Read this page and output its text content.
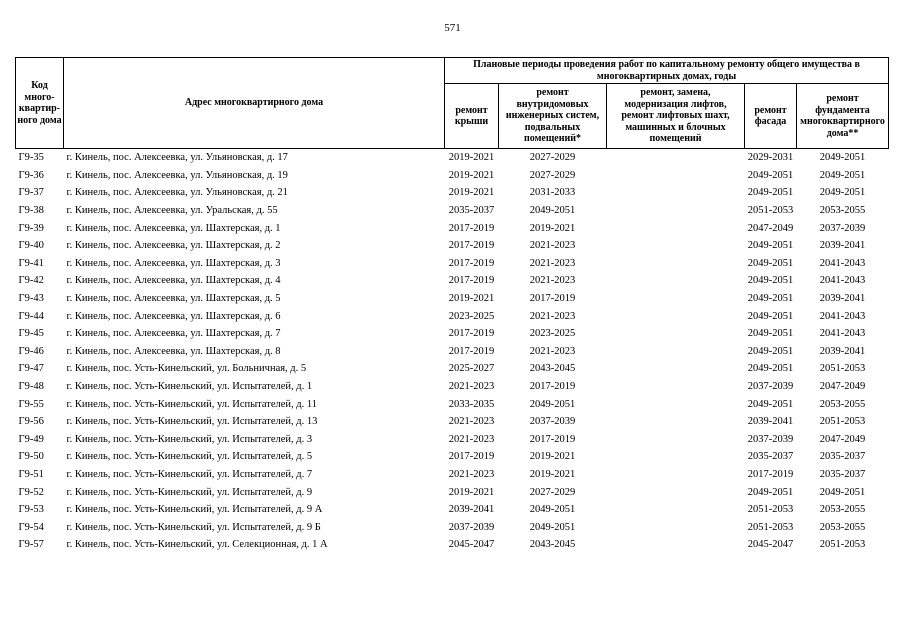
571
Код много-квартир-ного дома	Адрес многоквартирного дома	Плановые периоды проведения работ по капитальному ремонту общего имущества в многоквартирных домах, годы				
		ремонт крыши	ремонт внутридомовых инженерных систем, подвальных помещений*	ремонт, замена, модернизация лифтов, ремонт лифтовых шахт, машинных и блочных помещений	ремонт фасада	ремонт фундамента многоквартирного дома**
Г9-35	г. Кинель, пос. Алексеевка, ул. Ульяновская, д. 17	2019-2021	2027-2029		2029-2031	2049-2051
Г9-36	г. Кинель, пос. Алексеевка, ул. Ульяновская, д. 19	2019-2021	2027-2029		2049-2051	2049-2051
Г9-37	г. Кинель, пос. Алексеевка, ул. Ульяновская, д. 21	2019-2021	2031-2033		2049-2051	2049-2051
Г9-38	г. Кинель, пос. Алексеевка, ул. Уральская, д. 55	2035-2037	2049-2051		2051-2053	2053-2055
Г9-39	г. Кинель, пос. Алексеевка, ул. Шахтерская, д. 1	2017-2019	2019-2021		2047-2049	2037-2039
Г9-40	г. Кинель, пос. Алексеевка, ул. Шахтерская, д. 2	2017-2019	2021-2023		2049-2051	2039-2041
Г9-41	г. Кинель, пос. Алексеевка, ул. Шахтерская, д. 3	2017-2019	2021-2023		2049-2051	2041-2043
Г9-42	г. Кинель, пос. Алексеевка, ул. Шахтерская, д. 4	2017-2019	2021-2023		2049-2051	2041-2043
Г9-43	г. Кинель, пос. Алексеевка, ул. Шахтерская, д. 5	2019-2021	2017-2019		2049-2051	2039-2041
Г9-44	г. Кинель, пос. Алексеевка, ул. Шахтерская, д. 6	2023-2025	2021-2023		2049-2051	2041-2043
Г9-45	г. Кинель, пос. Алексеевка, ул. Шахтерская, д. 7	2017-2019	2023-2025		2049-2051	2041-2043
Г9-46	г. Кинель, пос. Алексеевка, ул. Шахтерская, д. 8	2017-2019	2021-2023		2049-2051	2039-2041
Г9-47	г. Кинель, пос. Усть-Кинельский, ул. Больничная, д. 5	2025-2027	2043-2045		2049-2051	2051-2053
Г9-48	г. Кинель, пос. Усть-Кинельский, ул. Испытателей, д. 1	2021-2023	2017-2019		2037-2039	2047-2049
Г9-55	г. Кинель, пос. Усть-Кинельский, ул. Испытателей, д. 11	2033-2035	2049-2051		2049-2051	2053-2055
Г9-56	г. Кинель, пос. Усть-Кинельский, ул. Испытателей, д. 13	2021-2023	2037-2039		2039-2041	2051-2053
Г9-49	г. Кинель, пос. Усть-Кинельский, ул. Испытателей, д. 3	2021-2023	2017-2019		2037-2039	2047-2049
Г9-50	г. Кинель, пос. Усть-Кинельский, ул. Испытателей, д. 5	2017-2019	2019-2021		2035-2037	2035-2037
Г9-51	г. Кинель, пос. Усть-Кинельский, ул. Испытателей, д. 7	2021-2023	2019-2021		2017-2019	2035-2037
Г9-52	г. Кинель, пос. Усть-Кинельский, ул. Испытателей, д. 9	2019-2021	2027-2029		2049-2051	2049-2051
Г9-53	г. Кинель, пос. Усть-Кинельский, ул. Испытателей, д. 9 А	2039-2041	2049-2051		2051-2053	2053-2055
Г9-54	г. Кинель, пос. Усть-Кинельский, ул. Испытателей, д. 9 Б	2037-2039	2049-2051		2051-2053	2053-2055
Г9-57	г. Кинель, пос. Усть-Кинельский, ул. Селекционная, д. 1 А	2045-2047	2043-2045		2045-2047	2051-2053
